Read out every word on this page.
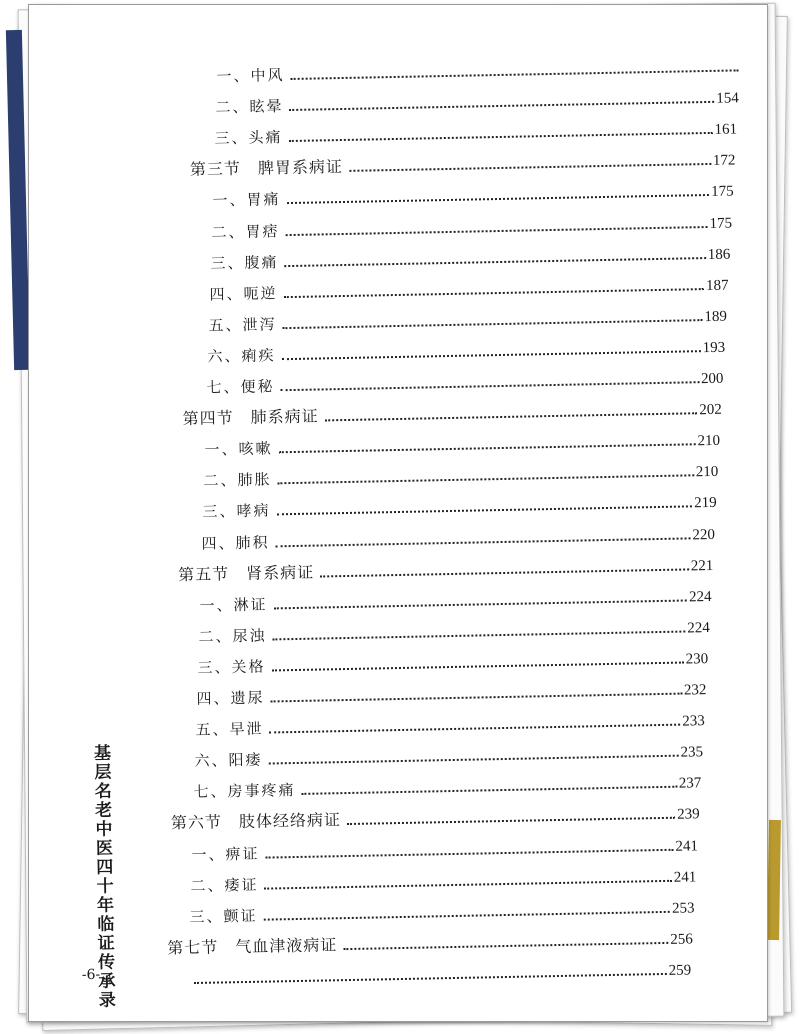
一、中风
二、眩晕	154
三、头痛	161
第三节　脾胃系病证	172
一、胃痛	175
二、胃痞	175
三、腹痛	186
四、呃逆	187
五、泄泻	189
六、痢疾	193
七、便秘	200
第四节　肺系病证	202
一、咳嗽	210
二、肺胀	210
三、哮病	219
四、肺积	220
第五节　肾系病证	221
一、淋证	224
二、尿浊	224
三、关格	230
四、遗尿	232
五、早泄	233
六、阳痿	235
七、房事疼痛	237
第六节　肢体经络病证	239
一、痹证	241
二、痿证	241
三、颤证	253
第七节　气血津液病证	256
259
基层名老中医四十年临证传承录
-6-
